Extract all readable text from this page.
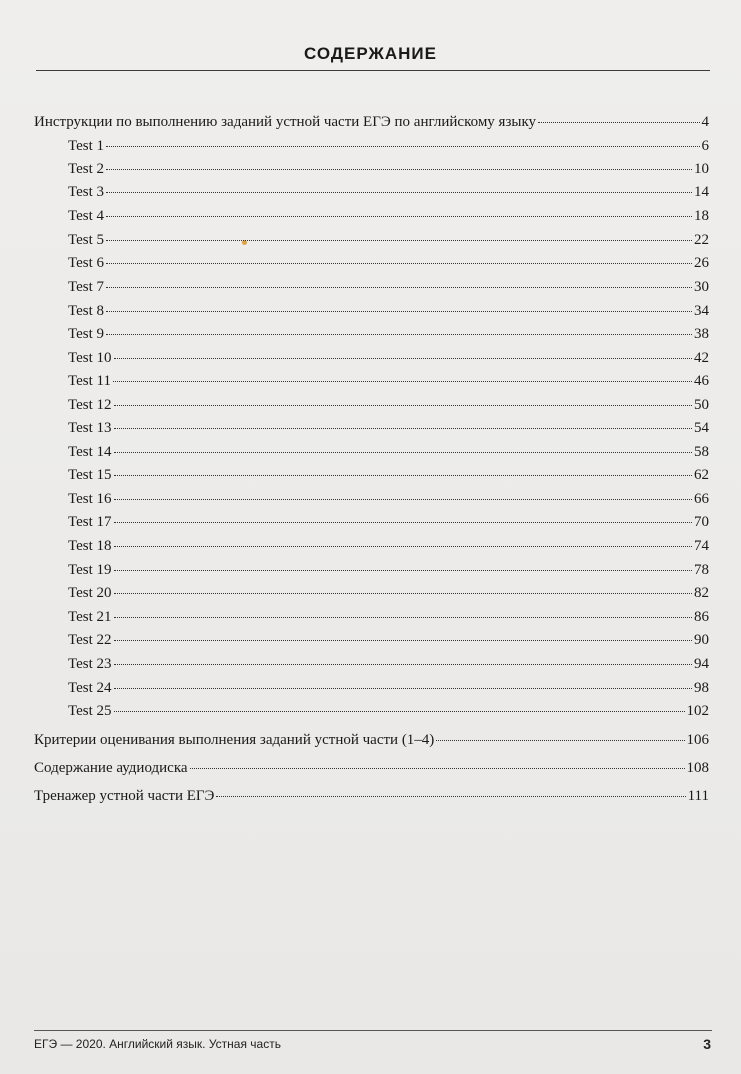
СОДЕРЖАНИЕ
Инструкции по выполнению заданий устной части ЕГЭ по английскому языку	4
Test 1	6
Test 2	10
Test 3	14
Test 4	18
Test 5	22
Test 6	26
Test 7	30
Test 8	34
Test 9	38
Test 10	42
Test 11	46
Test 12	50
Test 13	54
Test 14	58
Test 15	62
Test 16	66
Test 17	70
Test 18	74
Test 19	78
Test 20	82
Test 21	86
Test 22	90
Test 23	94
Test 24	98
Test 25	102
Критерии оценивания выполнения заданий устной части (1–4)	106
Содержание аудиодиска	108
Тренажер устной части ЕГЭ	111
ЕГЭ — 2020. Английский язык. Устная часть	3
